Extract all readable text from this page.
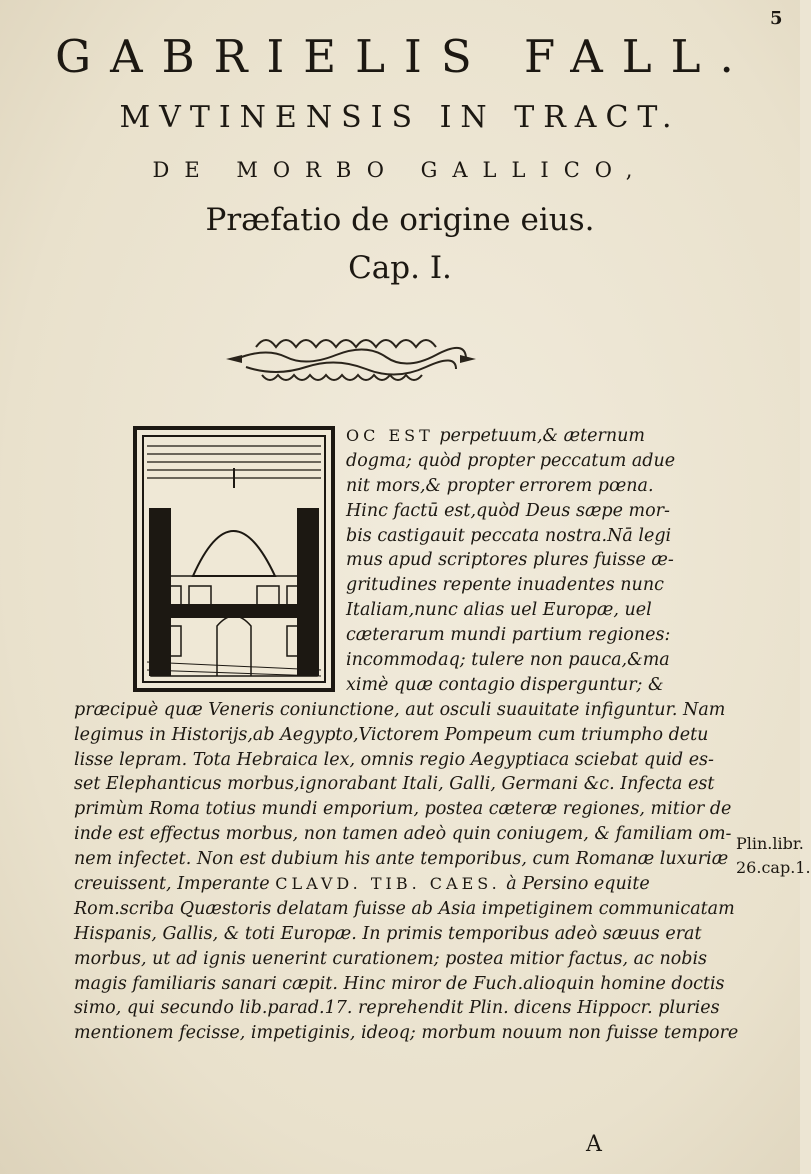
5
GABRIELIS FALL.
MVTINENSIS IN TRACT.
DE MORBO GALLICO,
Præfatio de origine eius.
Cap. I.
OC EST perpetuum,& æternum
dogma; quòd propter peccatum adue
nit mors,& propter errorem pœna.
Hinc factū est,quòd Deus sæpe mor-
bis castigauit peccata nostra.Nā legi
mus apud scriptores plures fuisse æ-
gritudines repente inuadentes nunc
Italiam,nunc alias uel Europæ, uel
cæterarum mundi partium regiones:
incommodaq; tulere non pauca,&ma
ximè quæ contagio disperguntur; &
præcipuè quæ Veneris coniunctione, aut osculi suauitate infiguntur. Nam
legimus in Historijs,ab Aegypto,Victorem Pompeum cum triumpho detu
lisse lepram. Tota Hebraica lex, omnis regio Aegyptiaca sciebat quid es-
set Elephanticus morbus,ignorabant Itali, Galli, Germani &c. Infecta est
primùm Roma totius mundi emporium, postea cæteræ regiones, mitior de
inde est effectus morbus, non tamen adeò quin coniugem, & familiam om-
nem infectet. Non est dubium his ante temporibus, cum Romanæ luxuriæ
creuissent, Imperante CLAVD. TIB. CAES. à Persino equite
Rom.scriba Quæstoris delatam fuisse ab Asia impetiginem communicatam
Hispanis, Gallis, & toti Europæ. In primis temporibus adeò sæuus erat
morbus, ut ad ignis uenerint curationem; postea mitior factus, ac nobis
magis familiaris sanari cæpit. Hinc miror de Fuch.alioquin homine doctis
simo, qui secundo lib.parad.17. reprehendit Plin. dicens Hippocr. pluries
mentionem fecisse, impetiginis, ideoq; morbum nouum non fuisse tempore
Plin.libr.
26.cap.1.
A
